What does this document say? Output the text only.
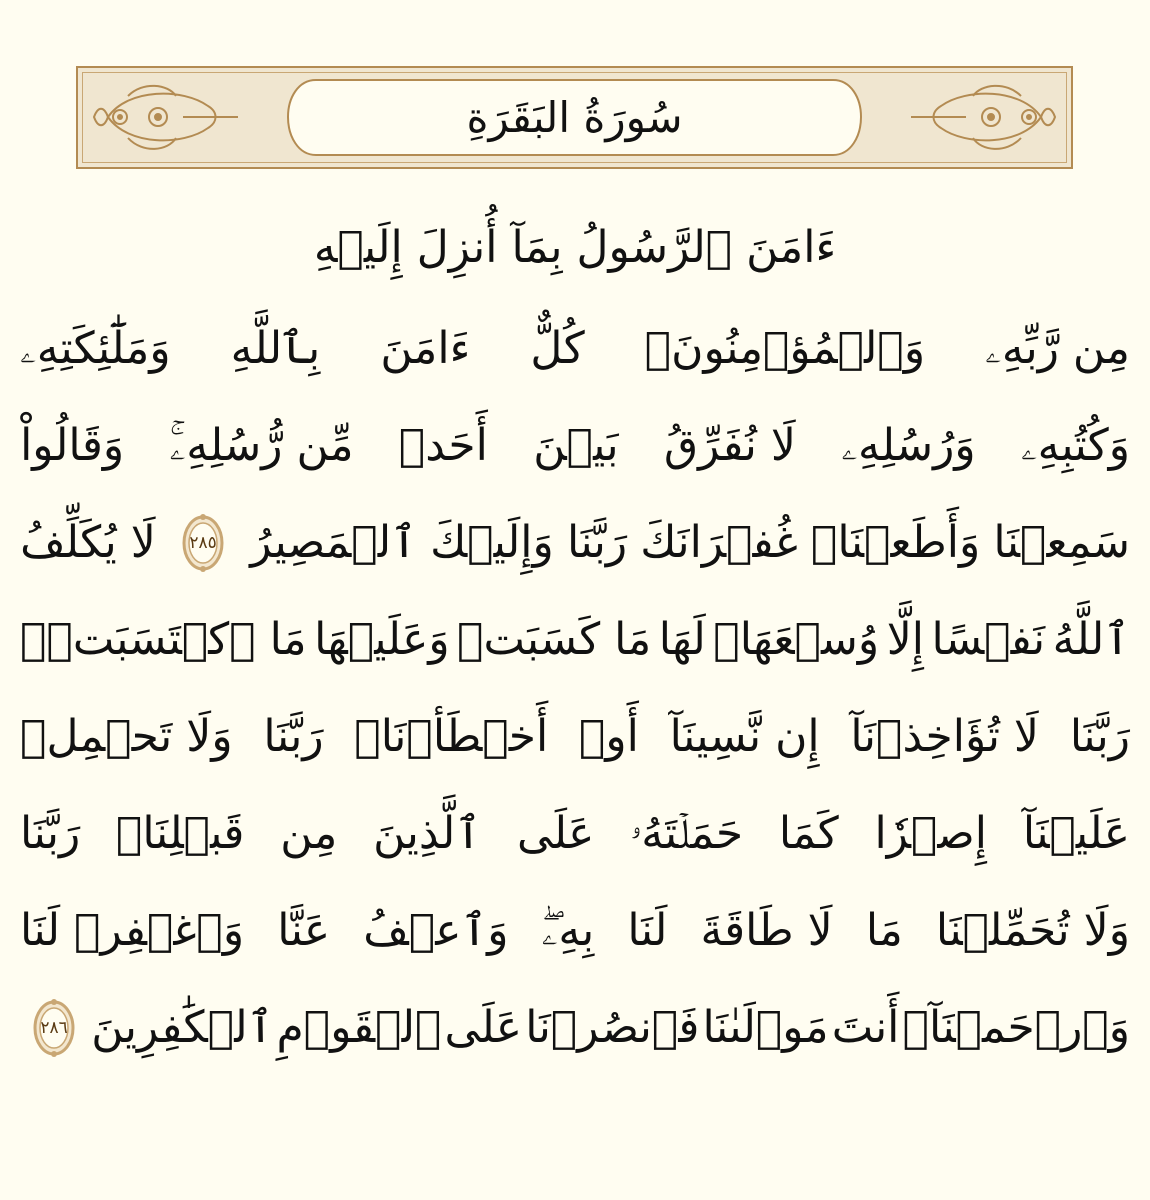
سُورَةُ البَقَرَةِ
ءَامَنَ ٱلرَّسُولُ بِمَآ أُنزِلَ إِلَيۡهِ
مِن رَّبِّهِۦ
وَٱلۡمُؤۡمِنُونَۚ
كُلٌّ
ءَامَنَ
بِٱللَّهِ
وَمَلَٰٓئِكَتِهِۦ
وَكُتُبِهِۦ
وَرُسُلِهِۦ
لَا نُفَرِّقُ
بَيۡنَ
أَحَدٖ
مِّن رُّسُلِهِۦۚ
وَقَالُواْ
سَمِعۡنَا
وَأَطَعۡنَاۖ
غُفۡرَانَكَ
رَبَّنَا
وَإِلَيۡكَ
ٱلۡمَصِيرُ
٢٨٥
لَا يُكَلِّفُ
ٱللَّهُ
نَفۡسًا
إِلَّا
وُسۡعَهَاۚ
لَهَا
مَا كَسَبَتۡ
وَعَلَيۡهَا
مَا ٱكۡتَسَبَتۡۗ
رَبَّنَا
لَا تُؤَاخِذۡنَآ
إِن نَّسِينَآ
أَوۡ
أَخۡطَأۡنَاۚ
رَبَّنَا
وَلَا تَحۡمِلۡ
عَلَيۡنَآ
إِصۡرٗا
كَمَا
حَمَلۡتَهُۥ
عَلَى
ٱلَّذِينَ
مِن
قَبۡلِنَاۚ
رَبَّنَا
وَلَا تُحَمِّلۡنَا
مَا
لَا طَاقَةَ
لَنَا
بِهِۦۖ
وَٱعۡفُ
عَنَّا
وَٱغۡفِرۡ لَنَا
وَٱرۡحَمۡنَآۚ
أَنتَ
مَوۡلَىٰنَا
فَٱنصُرۡنَا
عَلَى
ٱلۡقَوۡمِ
ٱلۡكَٰفِرِينَ
٢٨٦
